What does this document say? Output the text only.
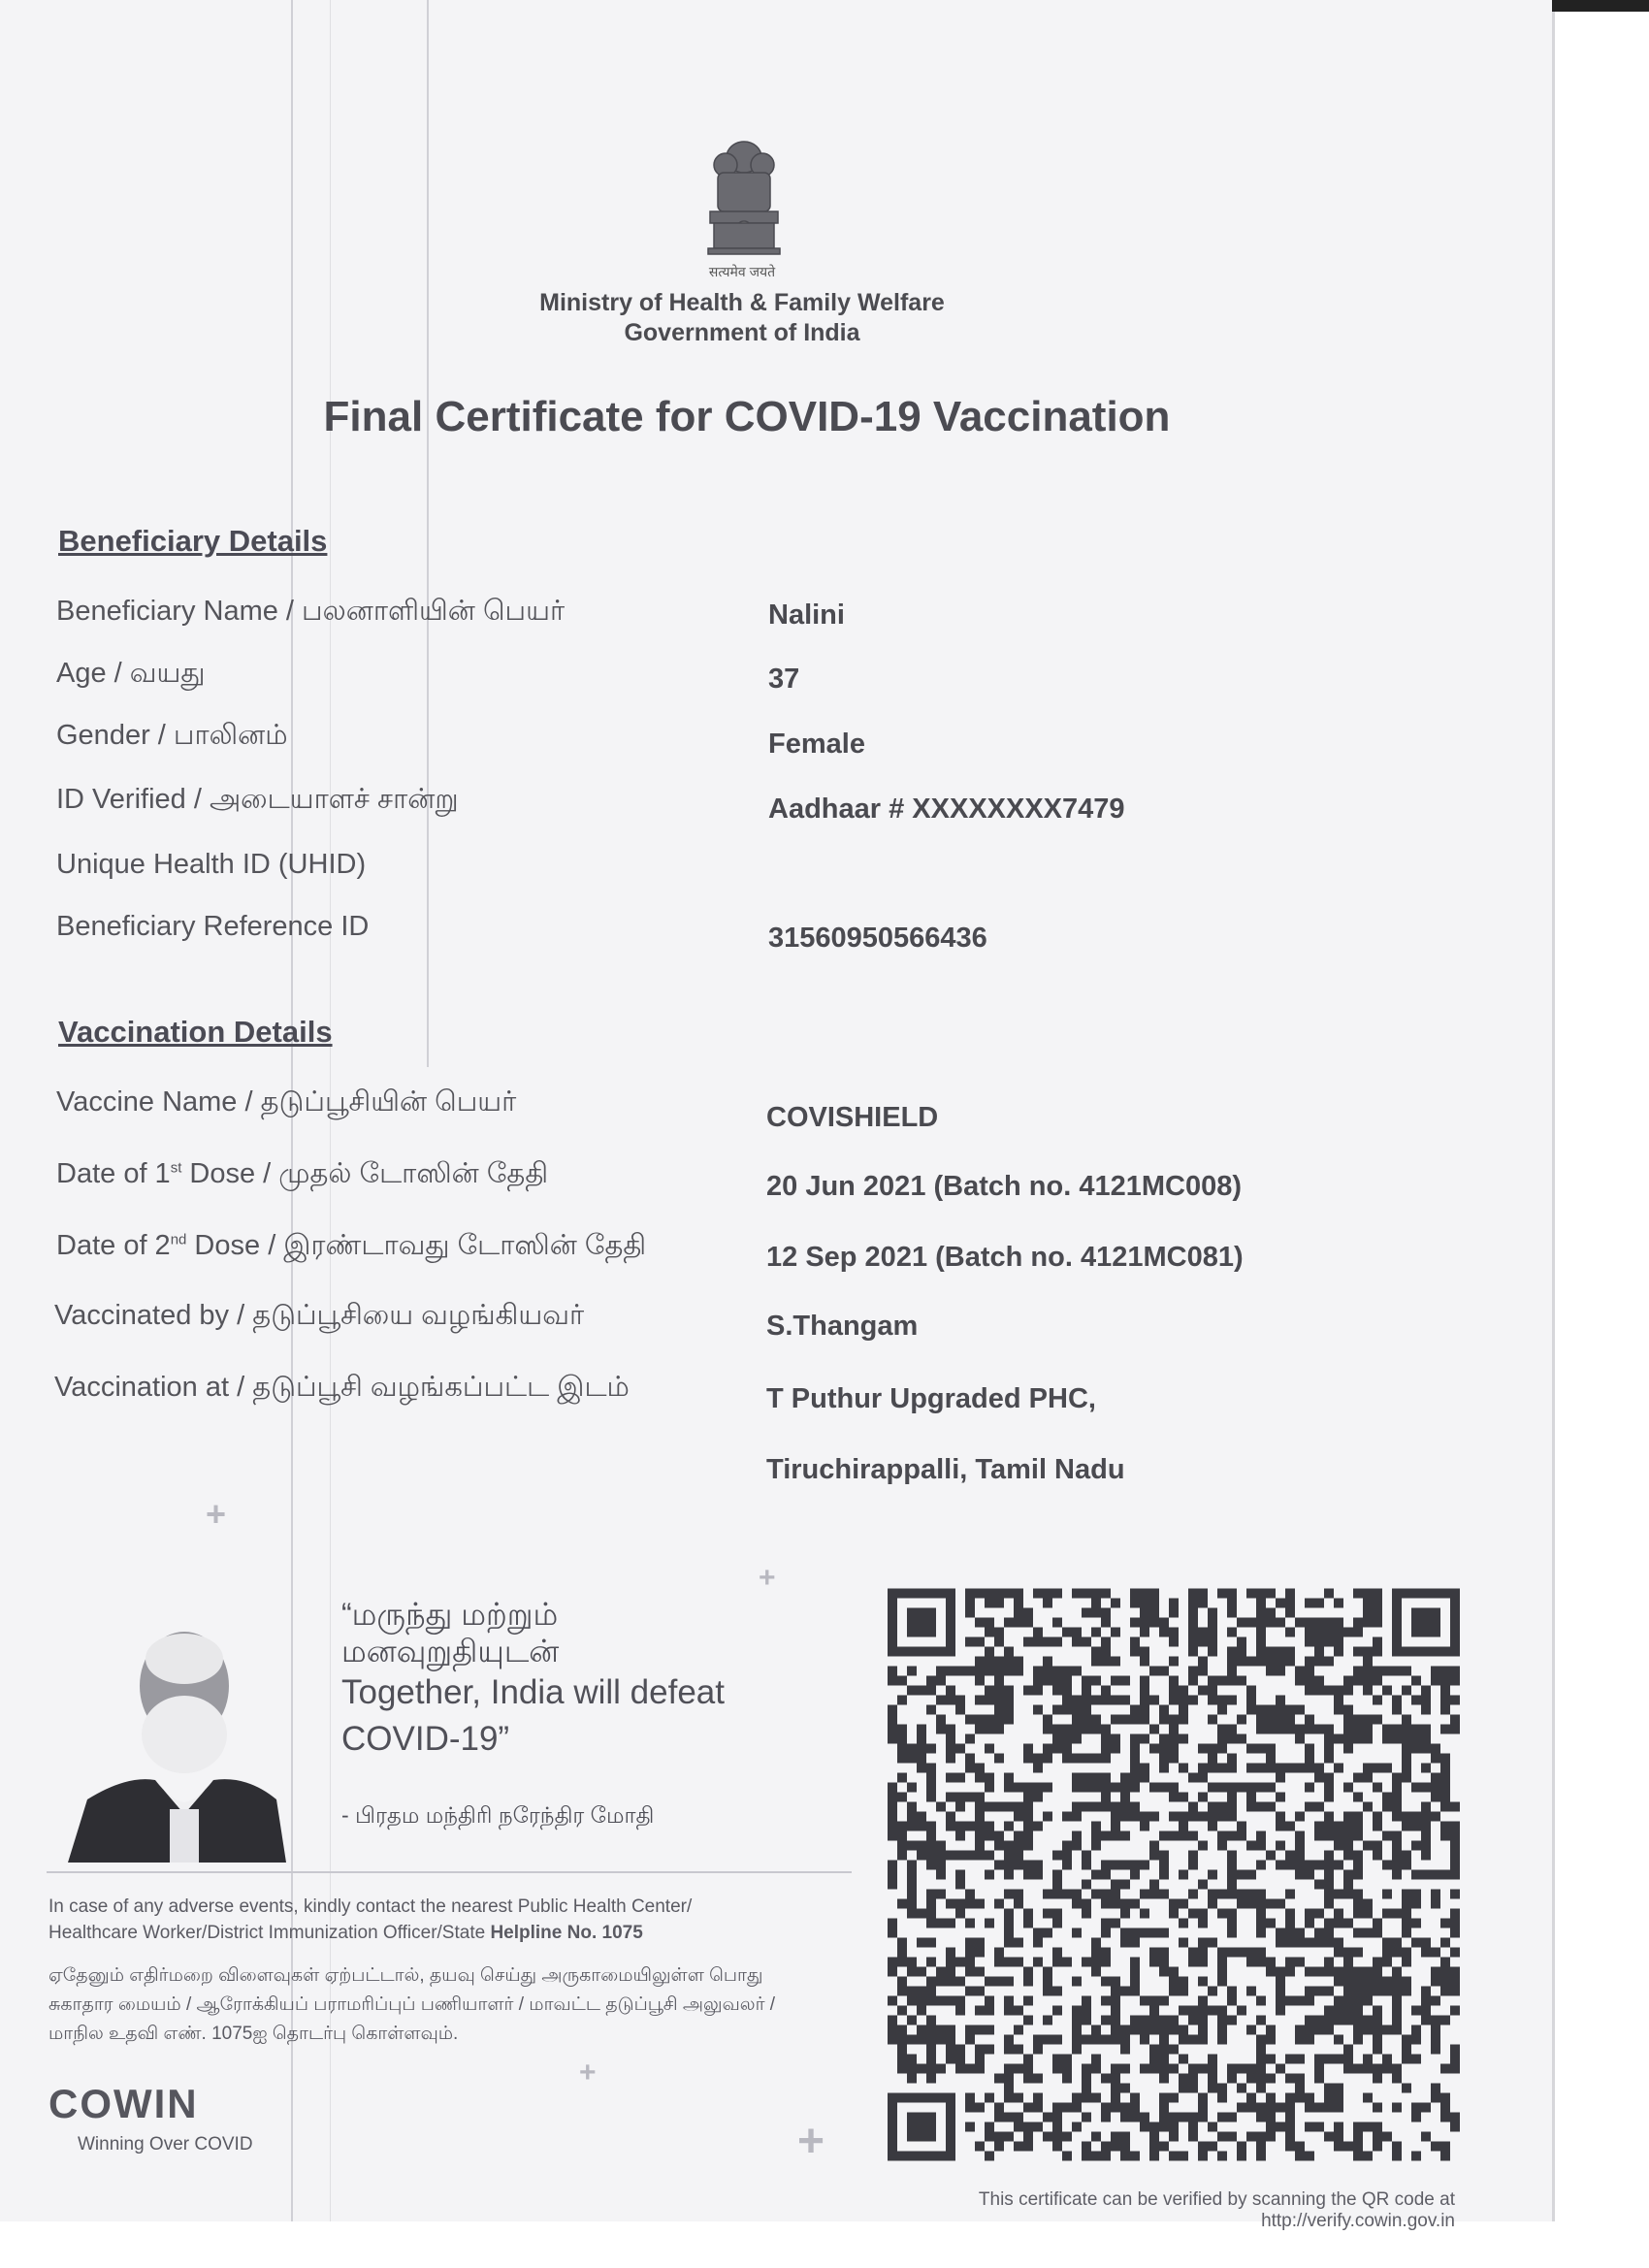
सत्यमेव जयते
Ministry of Health & Family Welfare
Government of India
Final Certificate for COVID-19 Vaccination
Beneficiary Details
Beneficiary Name / பலனாளியின் பெயர்	Nalini
Age / வயது	37
Gender / பாலினம்	Female
ID Verified / அடையாளச் சான்று	Aadhaar # XXXXXXXX7479
Unique Health ID (UHID)
Beneficiary Reference ID	31560950566436
Vaccination Details
Vaccine Name / தடுப்பூசியின் பெயர்	COVISHIELD
Date of 1st Dose / முதல் டோஸின் தேதி	20 Jun 2021 (Batch no. 4121MC008)
Date of 2nd Dose / இரண்டாவது டோஸின் தேதி	12 Sep 2021 (Batch no. 4121MC081)
Vaccinated by / தடுப்பூசியை வழங்கியவர்	S.Thangam
Vaccination at / தடுப்பூசி வழங்கப்பட்ட இடம்	T Puthur Upgraded PHC,
Tiruchirappalli, Tamil Nadu
+
+
+
+
“மருந்து மற்றும்
மனவுறுதியுடன்
Together, India will defeat
COVID-19”
- பிரதம மந்திரி நரேந்திர மோதி
In case of any adverse events, kindly contact the nearest Public Health Center/
Healthcare Worker/District Immunization Officer/State Helpline No. 1075
ஏதேனும் எதிர்மறை விளைவுகள் ஏற்பட்டால், தயவு செய்து அருகாமையிலுள்ள பொது
சுகாதார மையம் / ஆரோக்கியப் பராமரிப்புப் பணியாளர் / மாவட்ட தடுப்பூசி அலுவலர் /
மாநில உதவி எண். 1075ஐ தொடர்பு கொள்ளவும்.
COWIN
Winning Over COVID
This certificate can be verified by scanning the QR code at
http://verify.cowin.gov.in
